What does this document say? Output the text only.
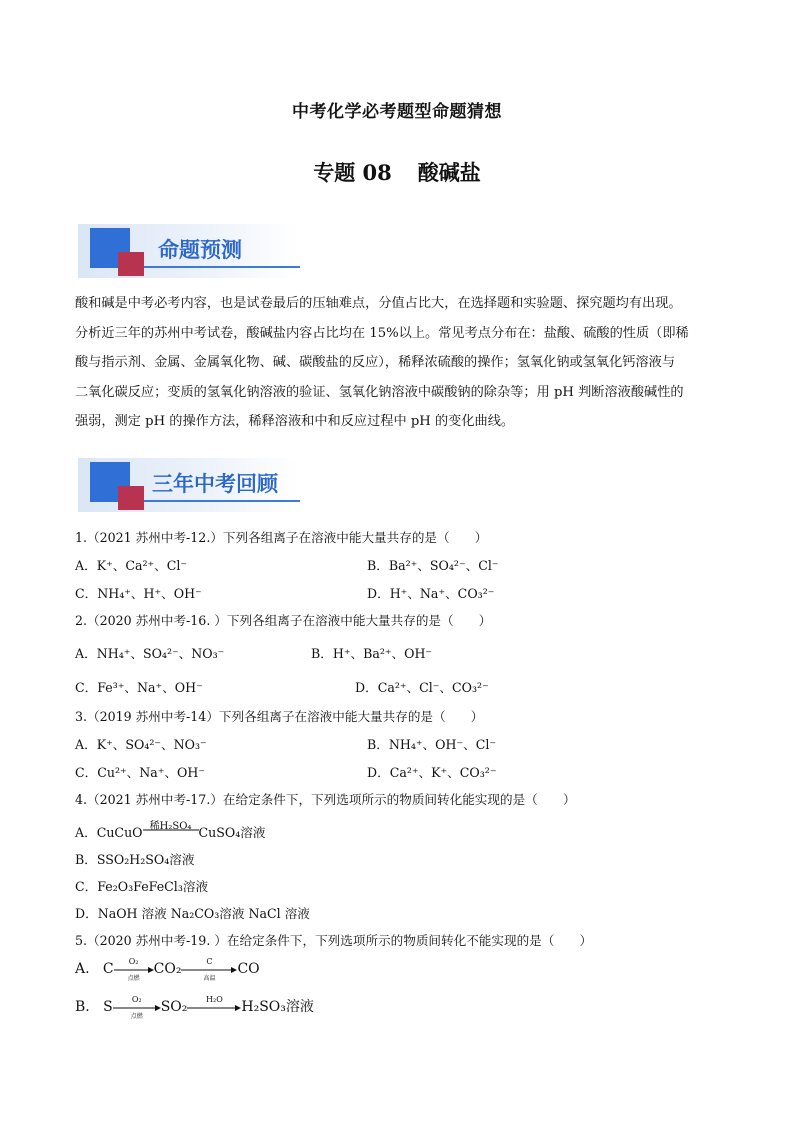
中考化学必考题型命题猜想
专题 08 酸碱盐
命题预测
酸和碱是中考必考内容，也是试卷最后的压轴难点，分值占比大，在选择题和实验题、探究题均有出现。
分析近三年的苏州中考试卷，酸碱盐内容占比均在 15%以上。常见考点分布在：盐酸、硫酸的性质（即稀
酸与指示剂、金属、金属氧化物、碱、碳酸盐的反应），稀释浓硫酸的操作；氢氧化钠或氢氧化钙溶液与
二氧化碳反应；变质的氢氧化钠溶液的验证、氢氧化钠溶液中碳酸钠的除杂等；用 pH 判断溶液酸碱性的
强弱，测定 pH 的操作方法，稀释溶液和中和反应过程中 pH 的变化曲线。
三年中考回顾
1.（2021 苏州中考-12.）下列各组离子在溶液中能大量共存的是（　　）
A．K⁺、Ca²⁺、Cl⁻	B．Ba²⁺、SO₄²⁻、Cl⁻
C．NH₄⁺、H⁺、OH⁻	D．H⁺、Na⁺、CO₃²⁻
2.（2020 苏州中考-16. ）下列各组离子在溶液中能大量共存的是（　　）
A．NH₄⁺、SO₄²⁻、NO₃⁻	B．H⁺、Ba²⁺、OH⁻
C．Fe³⁺、Na⁺、OH⁻	D．Ca²⁺、Cl⁻、CO₃²⁻
3.（2019 苏州中考-14）下列各组离子在溶液中能大量共存的是（　　）
A．K⁺、SO₄²⁻、NO₃⁻	B．NH₄⁺、OH⁻、Cl⁻
C．Cu²⁺、Na⁺、OH⁻	D．Ca²⁺、K⁺、CO₃²⁻
4.（2021 苏州中考-17.）在给定条件下，下列选项所示的物质间转化能实现的是（　　）
A．CuCuO 稀H₂SO₄ CuSO₄溶液
B．SSO₂H₂SO₄溶液
C．Fe₂O₃FeFeCl₃溶液
D．NaOH 溶液 Na₂CO₃溶液 NaCl 溶液
5.（2020 苏州中考-19. ）在给定条件下，下列选项所示的物质间转化不能实现的是（　　）
A. C	O₂
点燃
CO₂	C
高温
CO
B. S	O₂
点燃
SO₂	H₂O	H₂SO₃溶液
